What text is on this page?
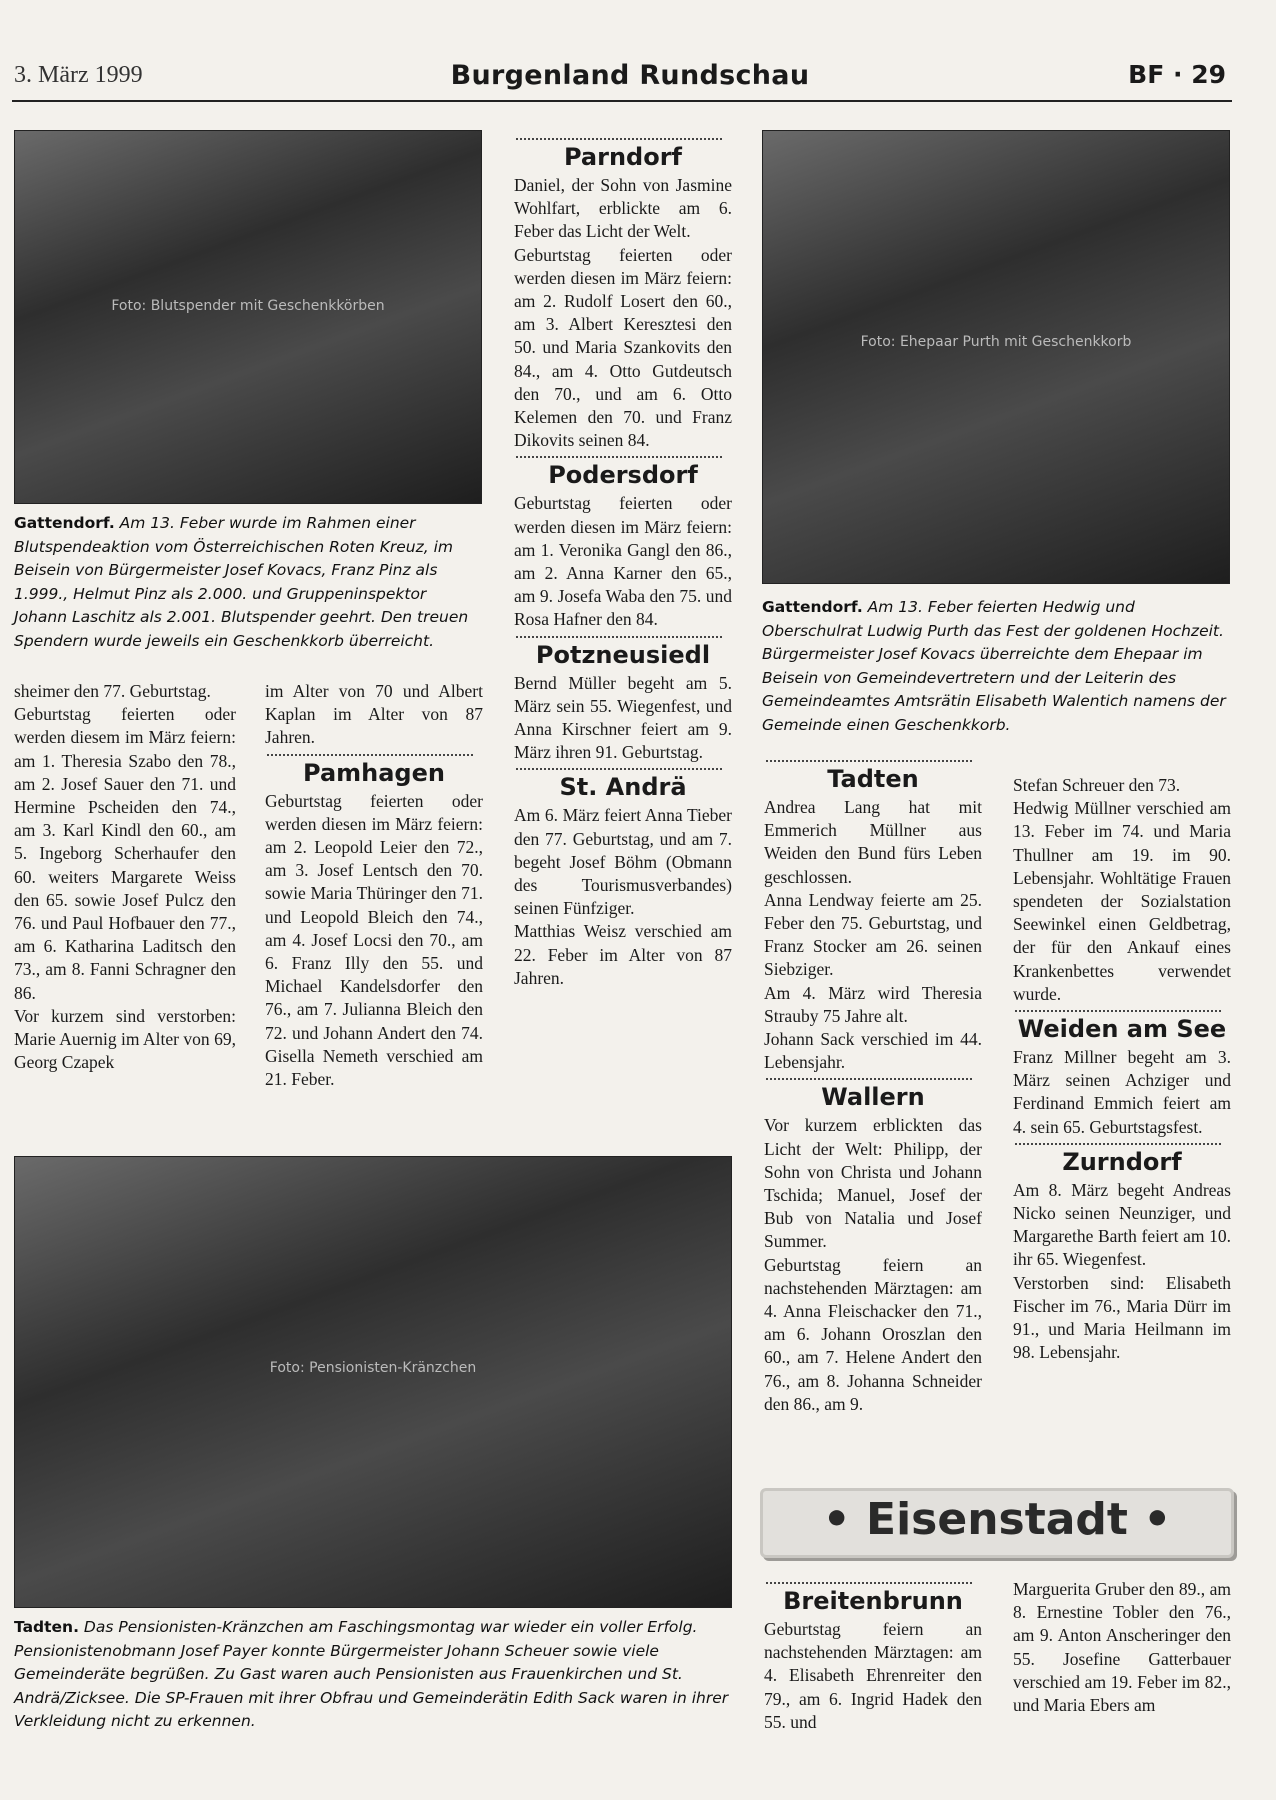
3. März 1999	Burgenland Rundschau	BF · 29
Foto: Blutspender mit Geschenkkörben
Gattendorf. Am 13. Feber wurde im Rahmen einer Blutspendeaktion vom Österreichischen Roten Kreuz, im Beisein von Bürgermeister Josef Kovacs, Franz Pinz als 1.999., Helmut Pinz als 2.000. und Gruppeninspektor Johann Laschitz als 2.001. Blutspender geehrt. Den treuen Spendern wurde jeweils ein Geschenkkorb überreicht.
Foto: Ehepaar Purth mit Geschenkkorb
Gattendorf. Am 13. Feber feierten Hedwig und Oberschulrat Ludwig Purth das Fest der goldenen Hochzeit. Bürgermeister Josef Kovacs überreichte dem Ehepaar im Beisein von Gemeindevertretern und der Leiterin des Gemeindeamtes Amtsrätin Elisabeth Walentich namens der Gemeinde einen Geschenkkorb.
Foto: Pensionisten-Kränzchen
Tadten. Das Pensionisten-Kränzchen am Faschingsmontag war wieder ein voller Erfolg. Pensionistenobmann Josef Payer konnte Bürgermeister Johann Scheuer sowie viele Gemeinderäte begrüßen. Zu Gast waren auch Pensionisten aus Frauenkirchen und St. Andrä/Zicksee. Die SP-Frauen mit ihrer Obfrau und Gemeinderätin Edith Sack waren in ihrer Verkleidung nicht zu erkennen.

sheimer den 77. Geburtstag.

Geburtstag feierten oder werden diesem im März feiern: am 1. Theresia Szabo den 78., am 2. Josef Sauer den 71. und Hermine Pscheiden den 74., am 3. Karl Kindl den 60., am 5. Ingeborg Scherhaufer den 60. weiters Margarete Weiss den 65. sowie Josef Pulcz den 76. und Paul Hofbauer den 77., am 6. Katharina Laditsch den 73., am 8. Fanni Schragner den 86.

Vor kurzem sind verstorben: Marie Auernig im Alter von 69, Georg Czapek

im Alter von 70 und Albert Kaplan im Alter von 87 Jahren.

Pamhagen

Geburtstag feierten oder werden diesen im März feiern: am 2. Leopold Leier den 72., am 3. Josef Lentsch den 70. sowie Maria Thüringer den 71. und Leopold Bleich den 74., am 4. Josef Locsi den 70., am 6. Franz Illy den 55. und Michael Kandelsdorfer den 76., am 7. Julianna Bleich den 72. und Johann Andert den 74. Gisella Nemeth verschied am 21. Feber.

Parndorf

Daniel, der Sohn von Jasmine Wohlfart, erblickte am 6. Feber das Licht der Welt.

Geburtstag feierten oder werden diesen im März feiern: am 2. Rudolf Losert den 60., am 3. Albert Keresztesi den 50. und Maria Szankovits den 84., am 4. Otto Gutdeutsch den 70., und am 6. Otto Kelemen den 70. und Franz Dikovits seinen 84.

Podersdorf

Geburtstag feierten oder werden diesen im März feiern: am 1. Veronika Gangl den 86., am 2. Anna Karner den 65., am 9. Josefa Waba den 75. und Rosa Hafner den 84.

Potzneusiedl

Bernd Müller begeht am 5. März sein 55. Wiegenfest, und Anna Kirschner feiert am 9. März ihren 91. Geburtstag.

St. Andrä

Am 6. März feiert Anna Tieber den 77. Geburtstag, und am 7. begeht Josef Böhm (Obmann des Tourismusverbandes) seinen Fünfziger.

Matthias Weisz verschied am 22. Feber im Alter von 87 Jahren.

Tadten

Andrea Lang hat mit Emmerich Müllner aus Weiden den Bund fürs Leben geschlossen.

Anna Lendway feierte am 25. Feber den 75. Geburtstag, und Franz Stocker am 26. seinen Siebziger.

Am 4. März wird Theresia Strauby 75 Jahre alt.

Johann Sack verschied im 44. Lebensjahr.

Wallern

Vor kurzem erblickten das Licht der Welt: Philipp, der Sohn von Christa und Johann Tschida; Manuel, Josef der Bub von Natalia und Josef Summer.

Geburtstag feiern an nachstehenden Märztagen: am 4. Anna Fleischacker den 71., am 6. Johann Oroszlan den 60., am 7. Helene Andert den 76., am 8. Johanna Schneider den 86., am 9.

Stefan Schreuer den 73.

Hedwig Müllner verschied am 13. Feber im 74. und Maria Thullner am 19. im 90. Lebensjahr. Wohltätige Frauen spendeten der Sozialstation Seewinkel einen Geldbetrag, der für den Ankauf eines Krankenbettes verwendet wurde.

Weiden am See

Franz Millner begeht am 3. März seinen Achziger und Ferdinand Emmich feiert am 4. sein 65. Geburtstagsfest.

Zurndorf

Am 8. März begeht Andreas Nicko seinen Neunziger, und Margarethe Barth feiert am 10. ihr 65. Wiegenfest.

Verstorben sind: Elisabeth Fischer im 76., Maria Dürr im 91., und Maria Heilmann im 98. Lebensjahr.

• Eisenstadt •
Breitenbrunn

Geburtstag feiern an nachstehenden Märztagen: am 4. Elisabeth Ehrenreiter den 79., am 6. Ingrid Hadek den 55. und

Marguerita Gruber den 89., am 8. Ernestine Tobler den 76., am 9. Anton Anscheringer den 55. Josefine Gatterbauer verschied am 19. Feber im 82., und Maria Ebers am
